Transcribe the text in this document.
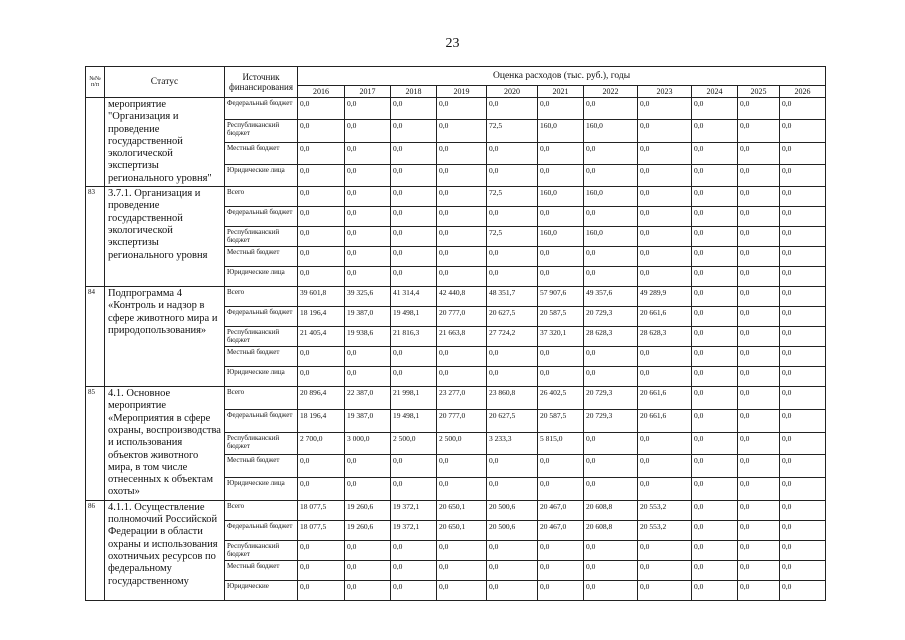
23
№№ п/п	Статус	Источник финансирования	Оценка расходов (тыс. руб.), годы										
			2016	2017	2018	2019	2020	2021	2022	2023	2024	2025	2026
	мероприятие "Организация и проведение государственной экологической экспертизы регионального уровня"	Федеральный бюджет	0,0	0,0	0,0	0,0	0,0	0,0	0,0	0,0	0,0	0,0	0,0
		Республиканский бюджет	0,0	0,0	0,0	0,0	72,5	160,0	160,0	0,0	0,0	0,0	0,0
		Местный бюджет	0,0	0,0	0,0	0,0	0,0	0,0	0,0	0,0	0,0	0,0	0,0
		Юридические лица	0,0	0,0	0,0	0,0	0,0	0,0	0,0	0,0	0,0	0,0	0,0
83	3.7.1. Организация и проведение государственной экологической экспертизы регионального уровня	Всего	0,0	0,0	0,0	0,0	72,5	160,0	160,0	0,0	0,0	0,0	0,0
		Федеральный бюджет	0,0	0,0	0,0	0,0	0,0	0,0	0,0	0,0	0,0	0,0	0,0
		Республиканский бюджет	0,0	0,0	0,0	0,0	72,5	160,0	160,0	0,0	0,0	0,0	0,0
		Местный бюджет	0,0	0,0	0,0	0,0	0,0	0,0	0,0	0,0	0,0	0,0	0,0
		Юридические лица	0,0	0,0	0,0	0,0	0,0	0,0	0,0	0,0	0,0	0,0	0,0
84	Подпрограмма 4 «Контроль и надзор в сфере животного мира и природопользования»	Всего	39 601,8	39 325,6	41 314,4	42 440,8	48 351,7	57 907,6	49 357,6	49 289,9	0,0	0,0	0,0
		Федеральный бюджет	18 196,4	19 387,0	19 498,1	20 777,0	20 627,5	20 587,5	20 729,3	20 661,6	0,0	0,0	0,0
		Республиканский бюджет	21 405,4	19 938,6	21 816,3	21 663,8	27 724,2	37 320,1	28 628,3	28 628,3	0,0	0,0	0,0
		Местный бюджет	0,0	0,0	0,0	0,0	0,0	0,0	0,0	0,0	0,0	0,0	0,0
		Юридические лица	0,0	0,0	0,0	0,0	0,0	0,0	0,0	0,0	0,0	0,0	0,0
85	4.1. Основное мероприятие «Мероприятия в сфере охраны, воспроизводства и использования объектов животного мира, в том числе отнесенных к объектам охоты»	Всего	20 896,4	22 387,0	21 998,1	23 277,0	23 860,8	26 402,5	20 729,3	20 661,6	0,0	0,0	0,0
		Федеральный бюджет	18 196,4	19 387,0	19 498,1	20 777,0	20 627,5	20 587,5	20 729,3	20 661,6	0,0	0,0	0,0
		Республиканский бюджет	2 700,0	3 000,0	2 500,0	2 500,0	3 233,3	5 815,0	0,0	0,0	0,0	0,0	0,0
		Местный бюджет	0,0	0,0	0,0	0,0	0,0	0,0	0,0	0,0	0,0	0,0	0,0
		Юридические лица	0,0	0,0	0,0	0,0	0,0	0,0	0,0	0,0	0,0	0,0	0,0
86	4.1.1. Осуществление полномочий Российской Федерации в области охраны и использования охотничьих ресурсов по федеральному государственному	Всего	18 077,5	19 260,6	19 372,1	20 650,1	20 500,6	20 467,0	20 608,8	20 553,2	0,0	0,0	0,0
		Федеральный бюджет	18 077,5	19 260,6	19 372,1	20 650,1	20 500,6	20 467,0	20 608,8	20 553,2	0,0	0,0	0,0
		Республиканский бюджет	0,0	0,0	0,0	0,0	0,0	0,0	0,0	0,0	0,0	0,0	0,0
		Местный бюджет	0,0	0,0	0,0	0,0	0,0	0,0	0,0	0,0	0,0	0,0	0,0
		Юридические	0,0	0,0	0,0	0,0	0,0	0,0	0,0	0,0	0,0	0,0	0,0
